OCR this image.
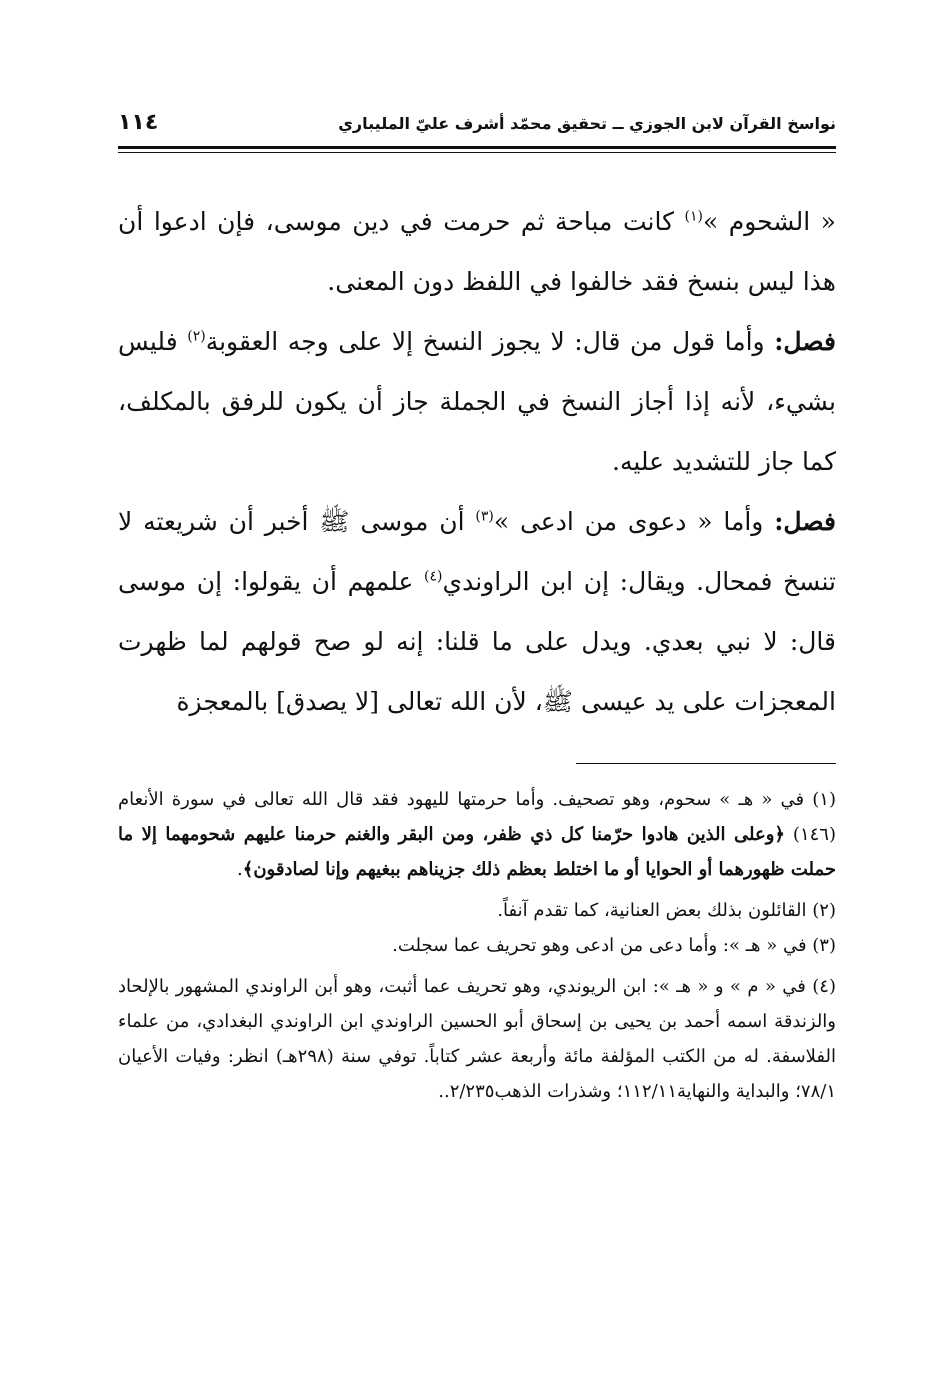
نواسخ القرآن لابن الجوزي ــ تحقيق محمّد أشرف عليّ المليباري
١١٤

« الشحوم »$^{(١)}$ كانت مباحة ثم حرمت في دين موسى، فإن ادعوا أن هذا ليس بنسخ فقد خالفوا في اللفظ دون المعنى.

فصل: وأما قول من قال: لا يجوز النسخ إلا على وجه العقوبة$^{(٢)}$ فليس بشيء، لأنه إذا أجاز النسخ في الجملة جاز أن يكون للرفق بالمكلف، كما جاز للتشديد عليه.

فصل: وأما « دعوى من ادعى »$^{(٣)}$ أن موسى ﷺ أخبر أن شريعته لا تنسخ فمحال. ويقال: إن ابن الراوندي$^{(٤)}$ علمهم أن يقولوا: إن موسى قال: لا نبي بعدي. ويدل على ما قلنا: إنه لو صح قولهم لما ظهرت المعجزات على يد عيسى ﷺ، لأن الله تعالى [لا يصدق] بالمعجزة

(١) في « هـ » سحوم، وهو تصحيف. وأما حرمتها لليهود فقد قال الله تعالى في سورة الأنعام (١٤٦) ﴿وعلى الذين هادوا حرّمنا كل ذي ظفر، ومن البقر والغنم حرمنا عليهم شحومهما إلا ما حملت ظهورهما أو الحوايا أو ما اختلط بعظم ذلك جزيناهم ببغيهم وإنا لصادقون﴾.

(٢) القائلون بذلك بعض العنانية، كما تقدم آنفاً.

(٣) في « هـ »: وأما دعى من ادعى وهو تحريف عما سجلت.

(٤) في « م » و « هـ »: ابن الريوندي، وهو تحريف عما أثبت، وهو أبن الراوندي المشهور بالإلحاد والزندقة اسمه أحمد بن يحيى بن إسحاق أبو الحسين الراوندي ابن الراوندي البغدادي، من علماء الفلاسفة. له من الكتب المؤلفة مائة وأربعة عشر كتاباً. توفي سنة (٢٩٨هـ) انظر: وفيات الأعيان ٧٨/١؛ والبداية والنهاية١١٢/١١؛ وشذرات الذهب٢/٢٣٥..
